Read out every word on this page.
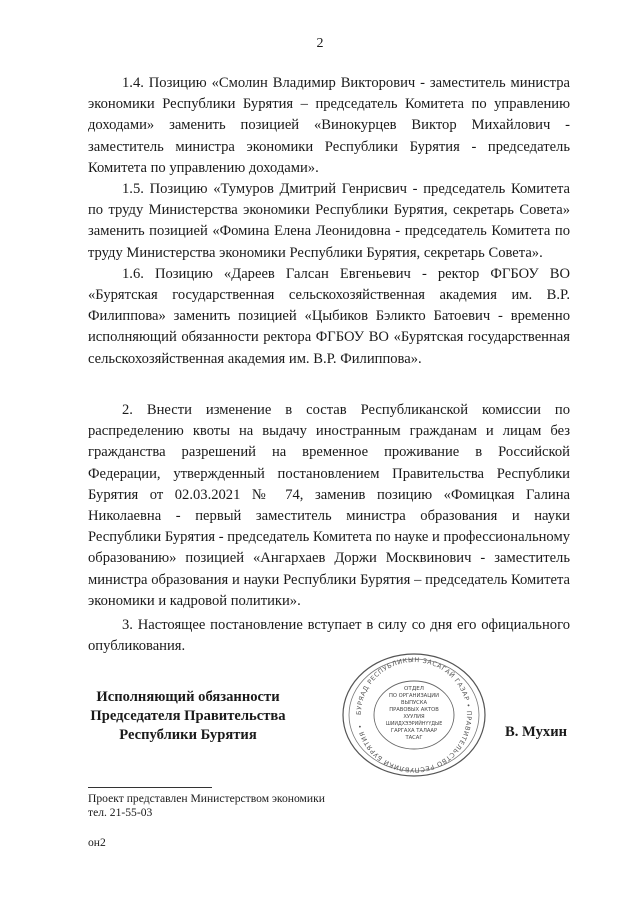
2

1.4. Позицию «Смолин Владимир Викторович - заместитель министра экономики Республики Бурятия – председатель Комитета по управлению доходами» заменить позицией «Винокурцев Виктор Михайлович - заместитель министра экономики Республики Бурятия - председатель Комитета по управлению доходами».

1.5. Позицию «Тумуров Дмитрий Генрисвич - председатель Комитета по труду Министерства экономики Республики Бурятия, секретарь Совета» заменить позицией «Фомина Елена Леонидовна - председатель Комитета по труду Министерства экономики Республики Бурятия, секретарь Совета».

1.6. Позицию «Дареев Галсан Евгеньевич - ректор ФГБОУ ВО «Бурятская государственная сельскохозяйственная академия им. В.Р. Филиппова» заменить позицией «Цыбиков Бэликто Батоевич - временно исполняющий обязанности ректора ФГБОУ ВО «Бурятская государственная сельскохозяйственная академия им. В.Р. Филиппова».

2. Внести изменение в состав Республиканской комиссии по распределению квоты на выдачу иностранным гражданам и лицам без гражданства разрешений на временное проживание в Российской Федерации, утвержденный постановлением Правительства Республики Бурятия от 02.03.2021 № 74, заменив позицию «Фомицкая Галина Николаевна - первый заместитель министра образования и науки Республики Бурятия - председатель Комитета по науке и профессиональному образованию» позицией «Ангархаев Доржи Москвинович - заместитель министра образования и науки Республики Бурятия – председатель Комитета экономики и кадровой политики».

3. Настоящее постановление вступает в силу со дня его официального опубликования.

Исполняющий обязанности
Председателя Правительства
Республики Бурятия
БУРЯАД РЕСПУБЛИКЫН ЗАСАГАЙ ГАЗАР • ПРАВИТЕЛЬСТВО РЕСПУБЛИКИ БУРЯТИЯ •
ОТДЕЛ
ПО ОРГАНИЗАЦИИ
ВЫПУСКА
ПРАВОВЫХ АКТОВ
ХУУЛИЯ
ШИИДХЭЭРИЙНҮҮДЫЕ
ГАРГАХА ТАЛААР
ТАСАГ	В. Мухин
Проект представлен Министерством экономики
тел. 21-55-03
он2
